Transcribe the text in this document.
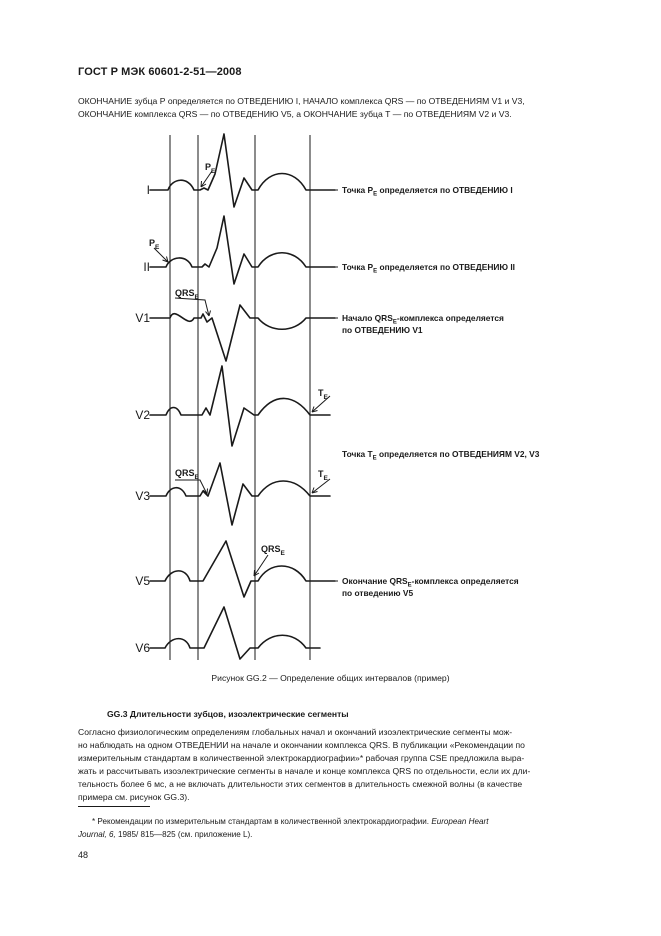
ГОСТ Р МЭК 60601-2-51—2008
ОКОНЧАНИЕ зубца Р определяется по ОТВЕДЕНИЮ I, НАЧАЛО комплекса QRS — по ОТВЕДЕНИЯМ V1 и V3,
ОКОНЧАНИЕ комплекса QRS — по ОТВЕДЕНИЮ V5, а ОКОНЧАНИЕ зубца Т — по ОТВЕДЕНИЯМ V2 и V3.
I
II
V1
V2
V3
V5
V6
$P_E$
$P_E$
$QRS_E$
$T_E$
$QRS_E$	$T_E$
$QRS_E$
Точка $P_E$ определяется по ОТВЕДЕНИЮ I
Точка $P_E$ определяется по ОТВЕДЕНИЮ II
Начало $QRS_E$-комплекса определяется
по ОТВЕДЕНИЮ V1
Точка $T_E$ определяется по ОТВЕДЕНИЯМ V2, V3
Окончание $QRS_E$-комплекса определяется
по отведению V5
Рисунок GG.2 — Определение общих интервалов (пример)
GG.3 Длительности зубцов, изоэлектрические сегменты
Согласно физиологическим определениям глобальных начал и окончаний изоэлектрические сегменты мож-
но наблюдать на одном ОТВЕДЕНИИ на начале и окончании комплекса QRS. В публикации «Рекомендации по
измерительным стандартам в количественной электрокардиографии»* рабочая группа CSE предложила выра-
жать и рассчитывать изоэлектрические сегменты в начале и конце комплекса QRS по отдельности, если их дли-
тельность более 6 мс, а не включать длительности этих сегментов в длительность смежной волны (в качестве
примера см. рисунок GG.3).
* Рекомендации по измерительным стандартам в количественной электрокардиографии. European Heart
Journal, 6, 1985/ 815—825 (см. приложение L).
48
